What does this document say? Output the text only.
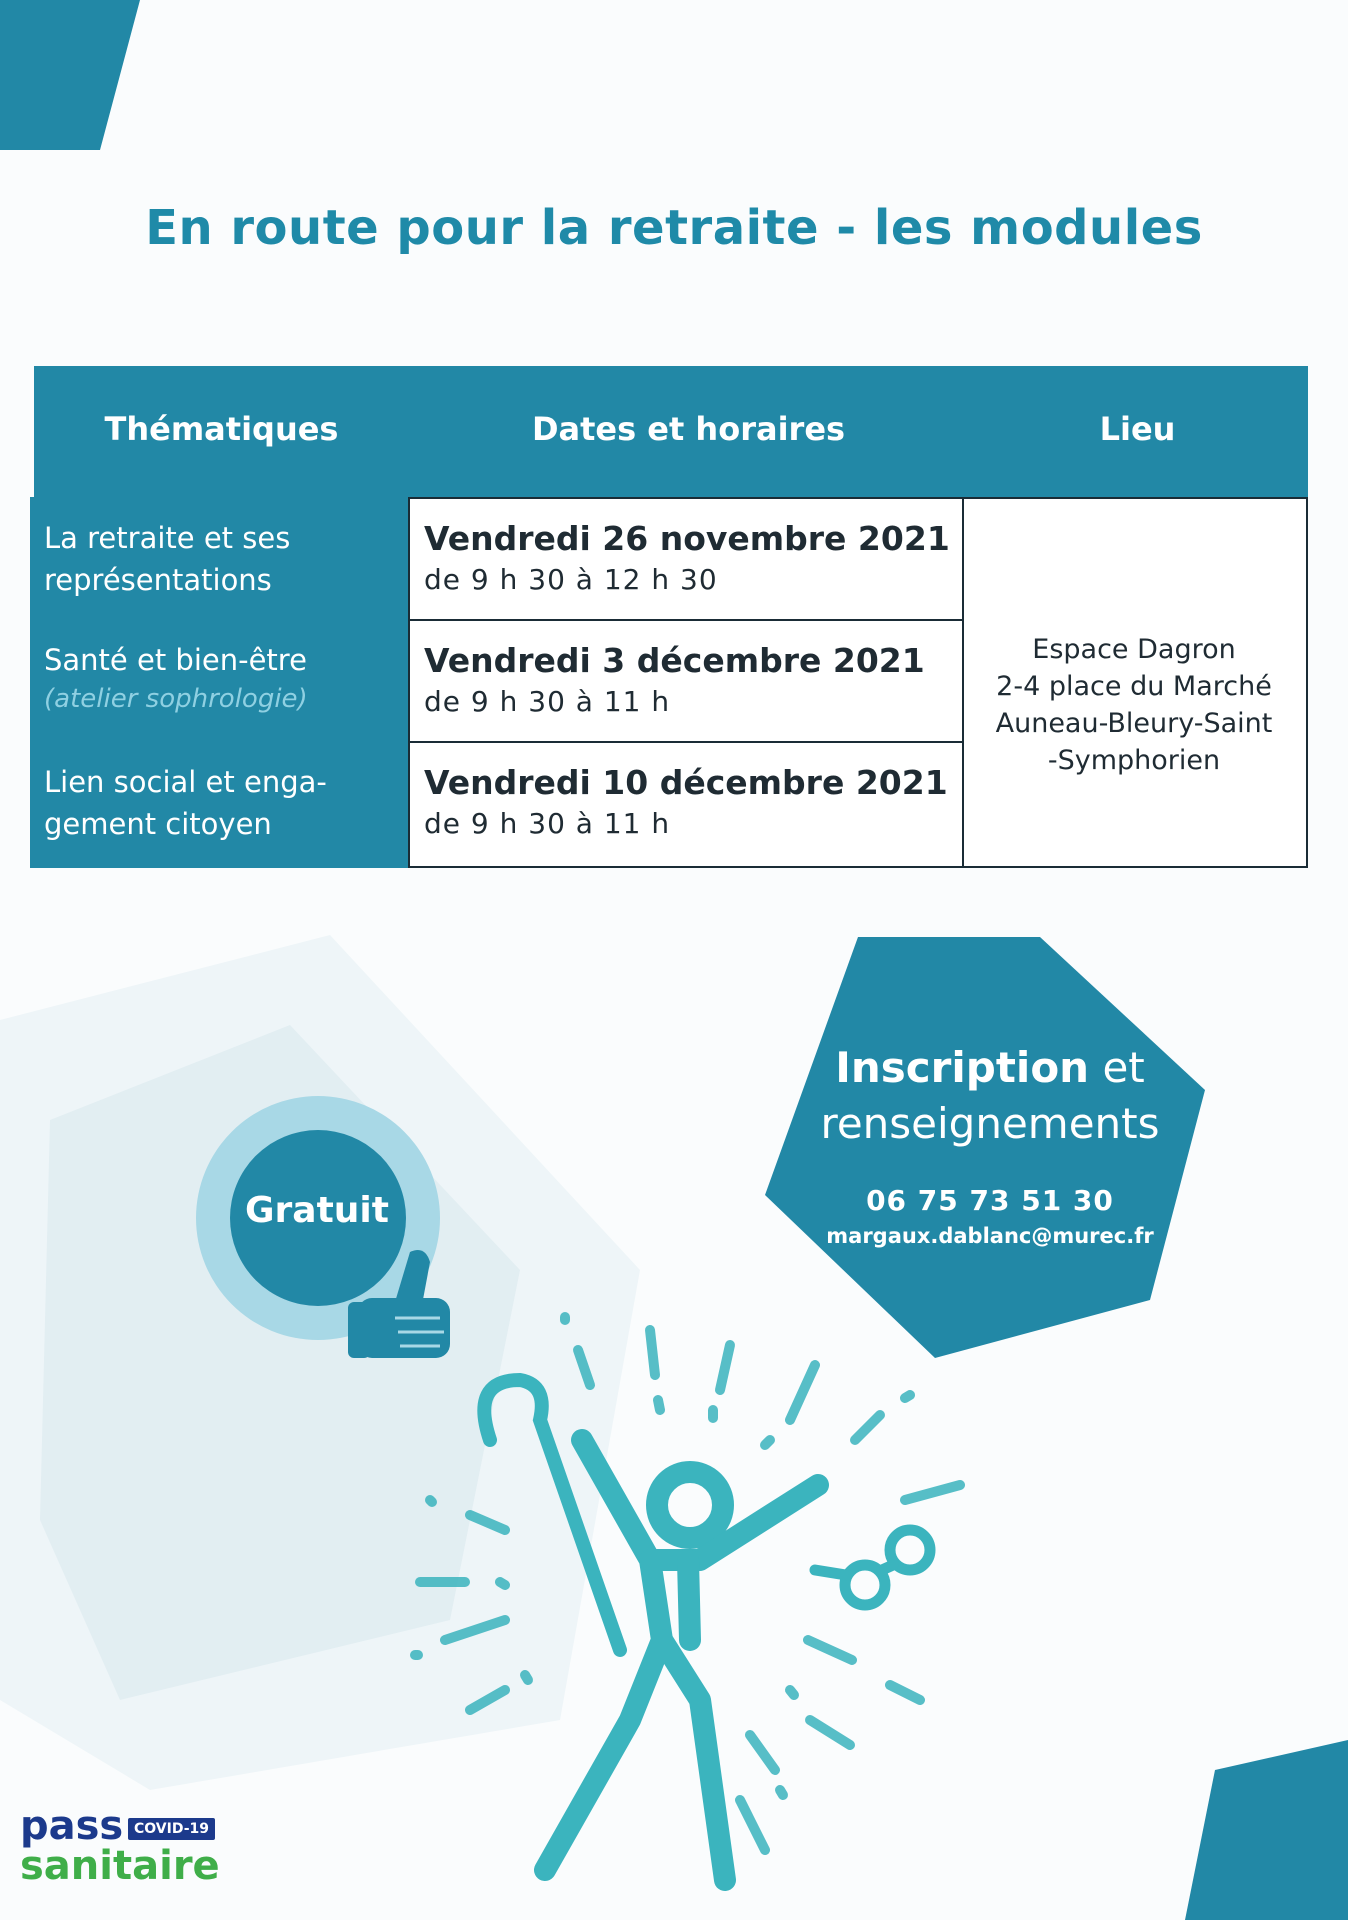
En route pour la retraite - les modules
Thématiques	Dates et horaires	Lieu
La retraite et ses représentations
Santé et bien-être
(atelier sophrologie)
Lien social et enga-gement citoyen
Vendredi 26 novembre 2021
de 9 h 30 à 12 h 30
Vendredi 3 décembre 2021
de 9 h 30 à 11 h
Vendredi 10 décembre 2021
de 9 h 30 à 11 h
Espace Dagron
2-4 place du Marché
Auneau-Bleury-Saint
-Symphorien
Inscription et
renseignements
06 75 73 51 30
margaux.dablanc@murec.fr
Gratuit
pass COVID-19
sanitaire
